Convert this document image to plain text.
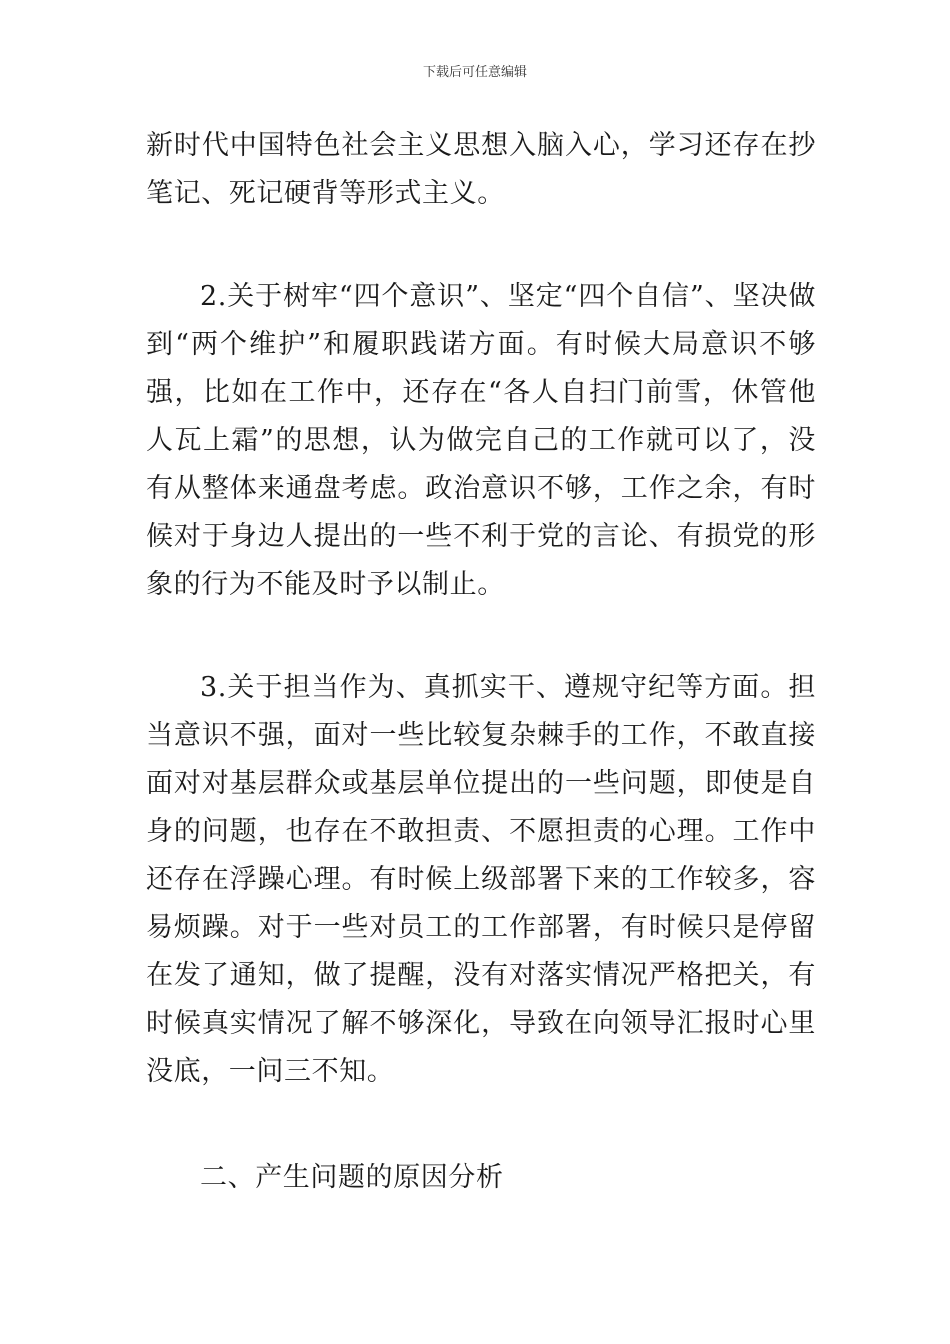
下载后可任意编辑

新时代中国特色社会主义思想入脑入心，学习还存在抄笔记、死记硬背等形式主义。

2.关于树牢“四个意识”、坚定“四个自信”、坚决做到“两个维护”和履职践诺方面。有时候大局意识不够强，比如在工作中，还存在“各人自扫门前雪，休管他人瓦上霜”的思想，认为做完自己的工作就可以了，没有从整体来通盘考虑。政治意识不够，工作之余，有时候对于身边人提出的一些不利于党的言论、有损党的形象的行为不能及时予以制止。

3.关于担当作为、真抓实干、遵规守纪等方面。担当意识不强，面对一些比较复杂棘手的工作，不敢直接面对对基层群众或基层单位提出的一些问题，即使是自身的问题，也存在不敢担责、不愿担责的心理。工作中还存在浮躁心理。有时候上级部署下来的工作较多，容易烦躁。对于一些对员工的工作部署，有时候只是停留在发了通知，做了提醒，没有对落实情况严格把关，有时候真实情况了解不够深化，导致在向领导汇报时心里没底，一问三不知。

二、产生问题的原因分析
